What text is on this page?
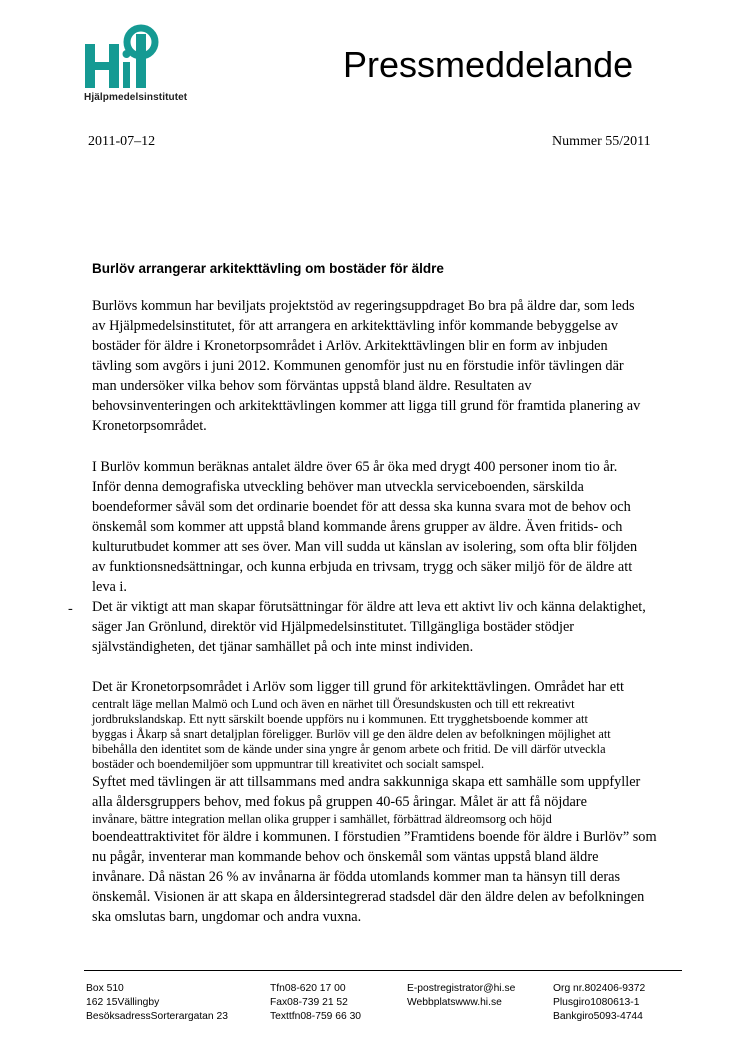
Hjälpmedelsinstitutet
Pressmeddelande
2011-07–12	Nummer 55/2011
Burlöv arrangerar arkitekttävling om bostäder för äldre
Burlövs kommun har beviljats projektstöd av regeringsuppdraget Bo bra på äldre dar, som leds
av Hjälpmedelsinstitutet, för att arrangera en arkitekttävling inför kommande bebyggelse av
bostäder för äldre i Kronetorpsområdet i Arlöv. Arkitekttävlingen blir en form av inbjuden
tävling som avgörs i juni 2012. Kommunen genomför just nu en förstudie inför tävlingen där
man undersöker vilka behov som förväntas uppstå bland äldre. Resultaten av
behovsinventeringen och arkitekttävlingen kommer att ligga till grund för framtida planering av
Kronetorpsområdet.
I Burlöv kommun beräknas antalet äldre över 65 år öka med drygt 400 personer inom tio år.
Inför denna demografiska utveckling behöver man utveckla serviceboenden, särskilda
boendeformer såväl som det ordinarie boendet för att dessa ska kunna svara mot de behov och
önskemål som kommer att uppstå bland kommande årens grupper av äldre. Även fritids- och
kulturutbudet kommer att ses över. Man vill sudda ut känslan av isolering, som ofta blir följden
av funktionsnedsättningar, och kunna erbjuda en trivsam, trygg och säker miljö för de äldre att
leva i.
- Det är viktigt att man skapar förutsättningar för äldre att leva ett aktivt liv och känna delaktighet,
säger Jan Grönlund, direktör vid Hjälpmedelsinstitutet. Tillgängliga bostäder stödjer
självständigheten, det tjänar samhället på och inte minst individen.
Det är Kronetorpsområdet i Arlöv som ligger till grund för arkitekttävlingen. Området har ett
centralt läge mellan Malmö och Lund och även en närhet till Öresundskusten och till ett rekreativt
jordbrukslandskap. Ett nytt särskilt boende uppförs nu i kommunen. Ett trygghetsboende kommer att
byggas i Åkarp så snart detaljplan föreligger. Burlöv vill ge den äldre delen av befolkningen möjlighet att
bibehålla den identitet som de kände under sina yngre år genom arbete och fritid. De vill därför utveckla
bostäder och boendemiljöer som uppmuntrar till kreativitet och socialt samspel.
Syftet med tävlingen är att tillsammans med andra sakkunniga skapa ett samhälle som uppfyller
alla åldersgruppers behov, med fokus på gruppen 40-65 åringar. Målet är att få nöjdare
invånare, bättre integration mellan olika grupper i samhället, förbättrad äldreomsorg och höjd
boendeattraktivitet för äldre i kommunen. I förstudien ”Framtidens boende för äldre i Burlöv” som
nu pågår, inventerar man kommande behov och önskemål som väntas uppstå bland äldre
invånare. Då nästan 26 % av invånarna är födda utomlands kommer man ta hänsyn till deras
önskemål. Visionen är att skapa en åldersintegrerad stadsdel där den äldre delen av befolkningen
ska omslutas barn, ungdomar och andra vuxna.
Box 510
162 15Vällingby
BesöksadressSorterargatan 23
Tfn08-620 17 00
Fax08-739 21 52
Texttfn08-759 66 30
E-postregistrator@hi.se
Webbplatswww.hi.se
Org nr.802406-9372
Plusgiro1080613-1
Bankgiro5093-4744
